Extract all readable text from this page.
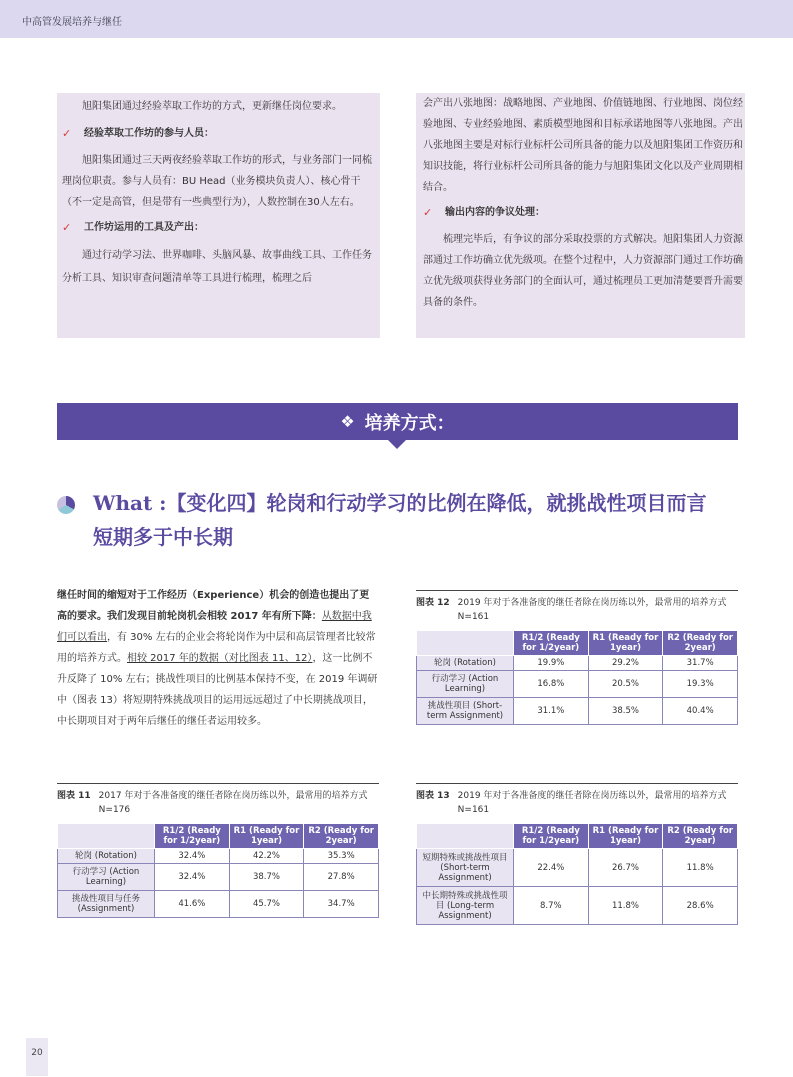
中高管发展培养与继任

旭阳集团通过经验萃取工作坊的方式，更新继任岗位要求。

✓	经验萃取工作坊的参与人员：

旭阳集团通过三天两夜经验萃取工作坊的形式，与业务部门一同梳理岗位职责。参与人员有：BU Head（业务模块负责人）、核心骨干（不一定是高管，但是带有一些典型行为），人数控制在30人左右。

✓	工作坊运用的工具及产出：

通过行动学习法、世界咖啡、头脑风暴、故事曲线工具、工作任务分析工具、知识审查问题清单等工具进行梳理，梳理之后

会产出八张地图：战略地图、产业地图、价值链地图、行业地图、岗位经验地图、专业经验地图、素质模型地图和目标承诺地图等八张地图。产出八张地图主要是对标行业标杆公司所具备的能力以及旭阳集团工作资历和知识技能，将行业标杆公司所具备的能力与旭阳集团文化以及产业周期相结合。

✓	输出内容的争议处理：

梳理完毕后，有争议的部分采取投票的方式解决。旭阳集团人力资源部通过工作坊确立优先级项。在整个过程中，人力资源部门通过工作坊确立优先级项获得业务部门的全面认可，通过梳理员工更加清楚要晋升需要具备的条件。

❖ 培养方式：
What :【变化四】轮岗和行动学习的比例在降低，就挑战性项目而言
短期多于中长期

继任时间的缩短对于工作经历（Experience）机会的创造也提出了更高的要求。我们发现目前轮岗机会相较 2017 年有所下降：从数据中我们可以看出，有 30% 左右的企业会将轮岗作为中层和高层管理者比较常用的培养方式。相较 2017 年的数据（对比图表 11、12），这一比例不升反降了 10% 左右；挑战性项目的比例基本保持不变，在 2019 年调研中（图表 13）将短期特殊挑战项目的运用远远超过了中长期挑战项目，中长期项目对于两年后继任的继任者运用较多。

图表 12 2019 年对于各准备度的继任者除在岗历练以外，最常用的培养方式
N=161
	R1/2 (Ready for 1/2year)	R1 (Ready for 1year)	R2 (Ready for 2year)
轮岗 (Rotation)	19.9%	29.2%	31.7%
行动学习 (Action Learning)	16.8%	20.5%	19.3%
挑战性项目 (Short-term Assignment)	31.1%	38.5%	40.4%
图表 11 2017 年对于各准备度的继任者除在岗历练以外，最常用的培养方式
N=176
	R1/2 (Ready for 1/2year)	R1 (Ready for 1year)	R2 (Ready for 2year)
轮岗 (Rotation)	32.4%	42.2%	35.3%
行动学习 (Action Learning)	32.4%	38.7%	27.8%
挑战性项目与任务 (Assignment)	41.6%	45.7%	34.7%
图表 13 2019 年对于各准备度的继任者除在岗历练以外，最常用的培养方式
N=161
	R1/2 (Ready for 1/2year)	R1 (Ready for 1year)	R2 (Ready for 2year)
短期特殊或挑战性项目 (Short-term Assignment)	22.4%	26.7%	11.8%
中长期特殊或挑战性项目 (Long-term Assignment)	8.7%	11.8%	28.6%
20
